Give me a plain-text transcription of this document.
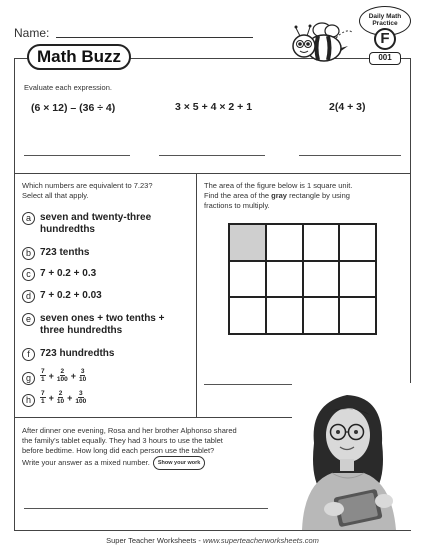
Name:
Math Buzz
Daily Math Practice
F
001
Evaluate each expression.
(6 × 12) – (36 ÷ 4)	3 × 5 + 4 × 2 + 1	2(4 + 3)
Which numbers are equivalent to 7.23?
Select all that apply.
a seven and twenty-three
hundredths
b 723 tenths
c 7 + 0.2 + 0.3
d 7 + 0.2 + 0.03
e seven ones + two tenths +
three hundredths
f	723 hundredths
g	$\frac{7}{1} + \frac{2}{100} + \frac{3}{10}$
h	$\frac{7}{1} + \frac{2}{10} + \frac{3}{100}$
The area of the figure below is 1 square unit.
Find the area of the gray rectangle by using
fractions to multiply.
After dinner one evening, Rosa and her brother Alphonso shared
the family's tablet equally. They had 3 hours to use the tablet
before bedtime. How long did each person use the tablet?
Write your answer as a mixed number. Show your work
Super Teacher Worksheets - www.superteacherworksheets.com
